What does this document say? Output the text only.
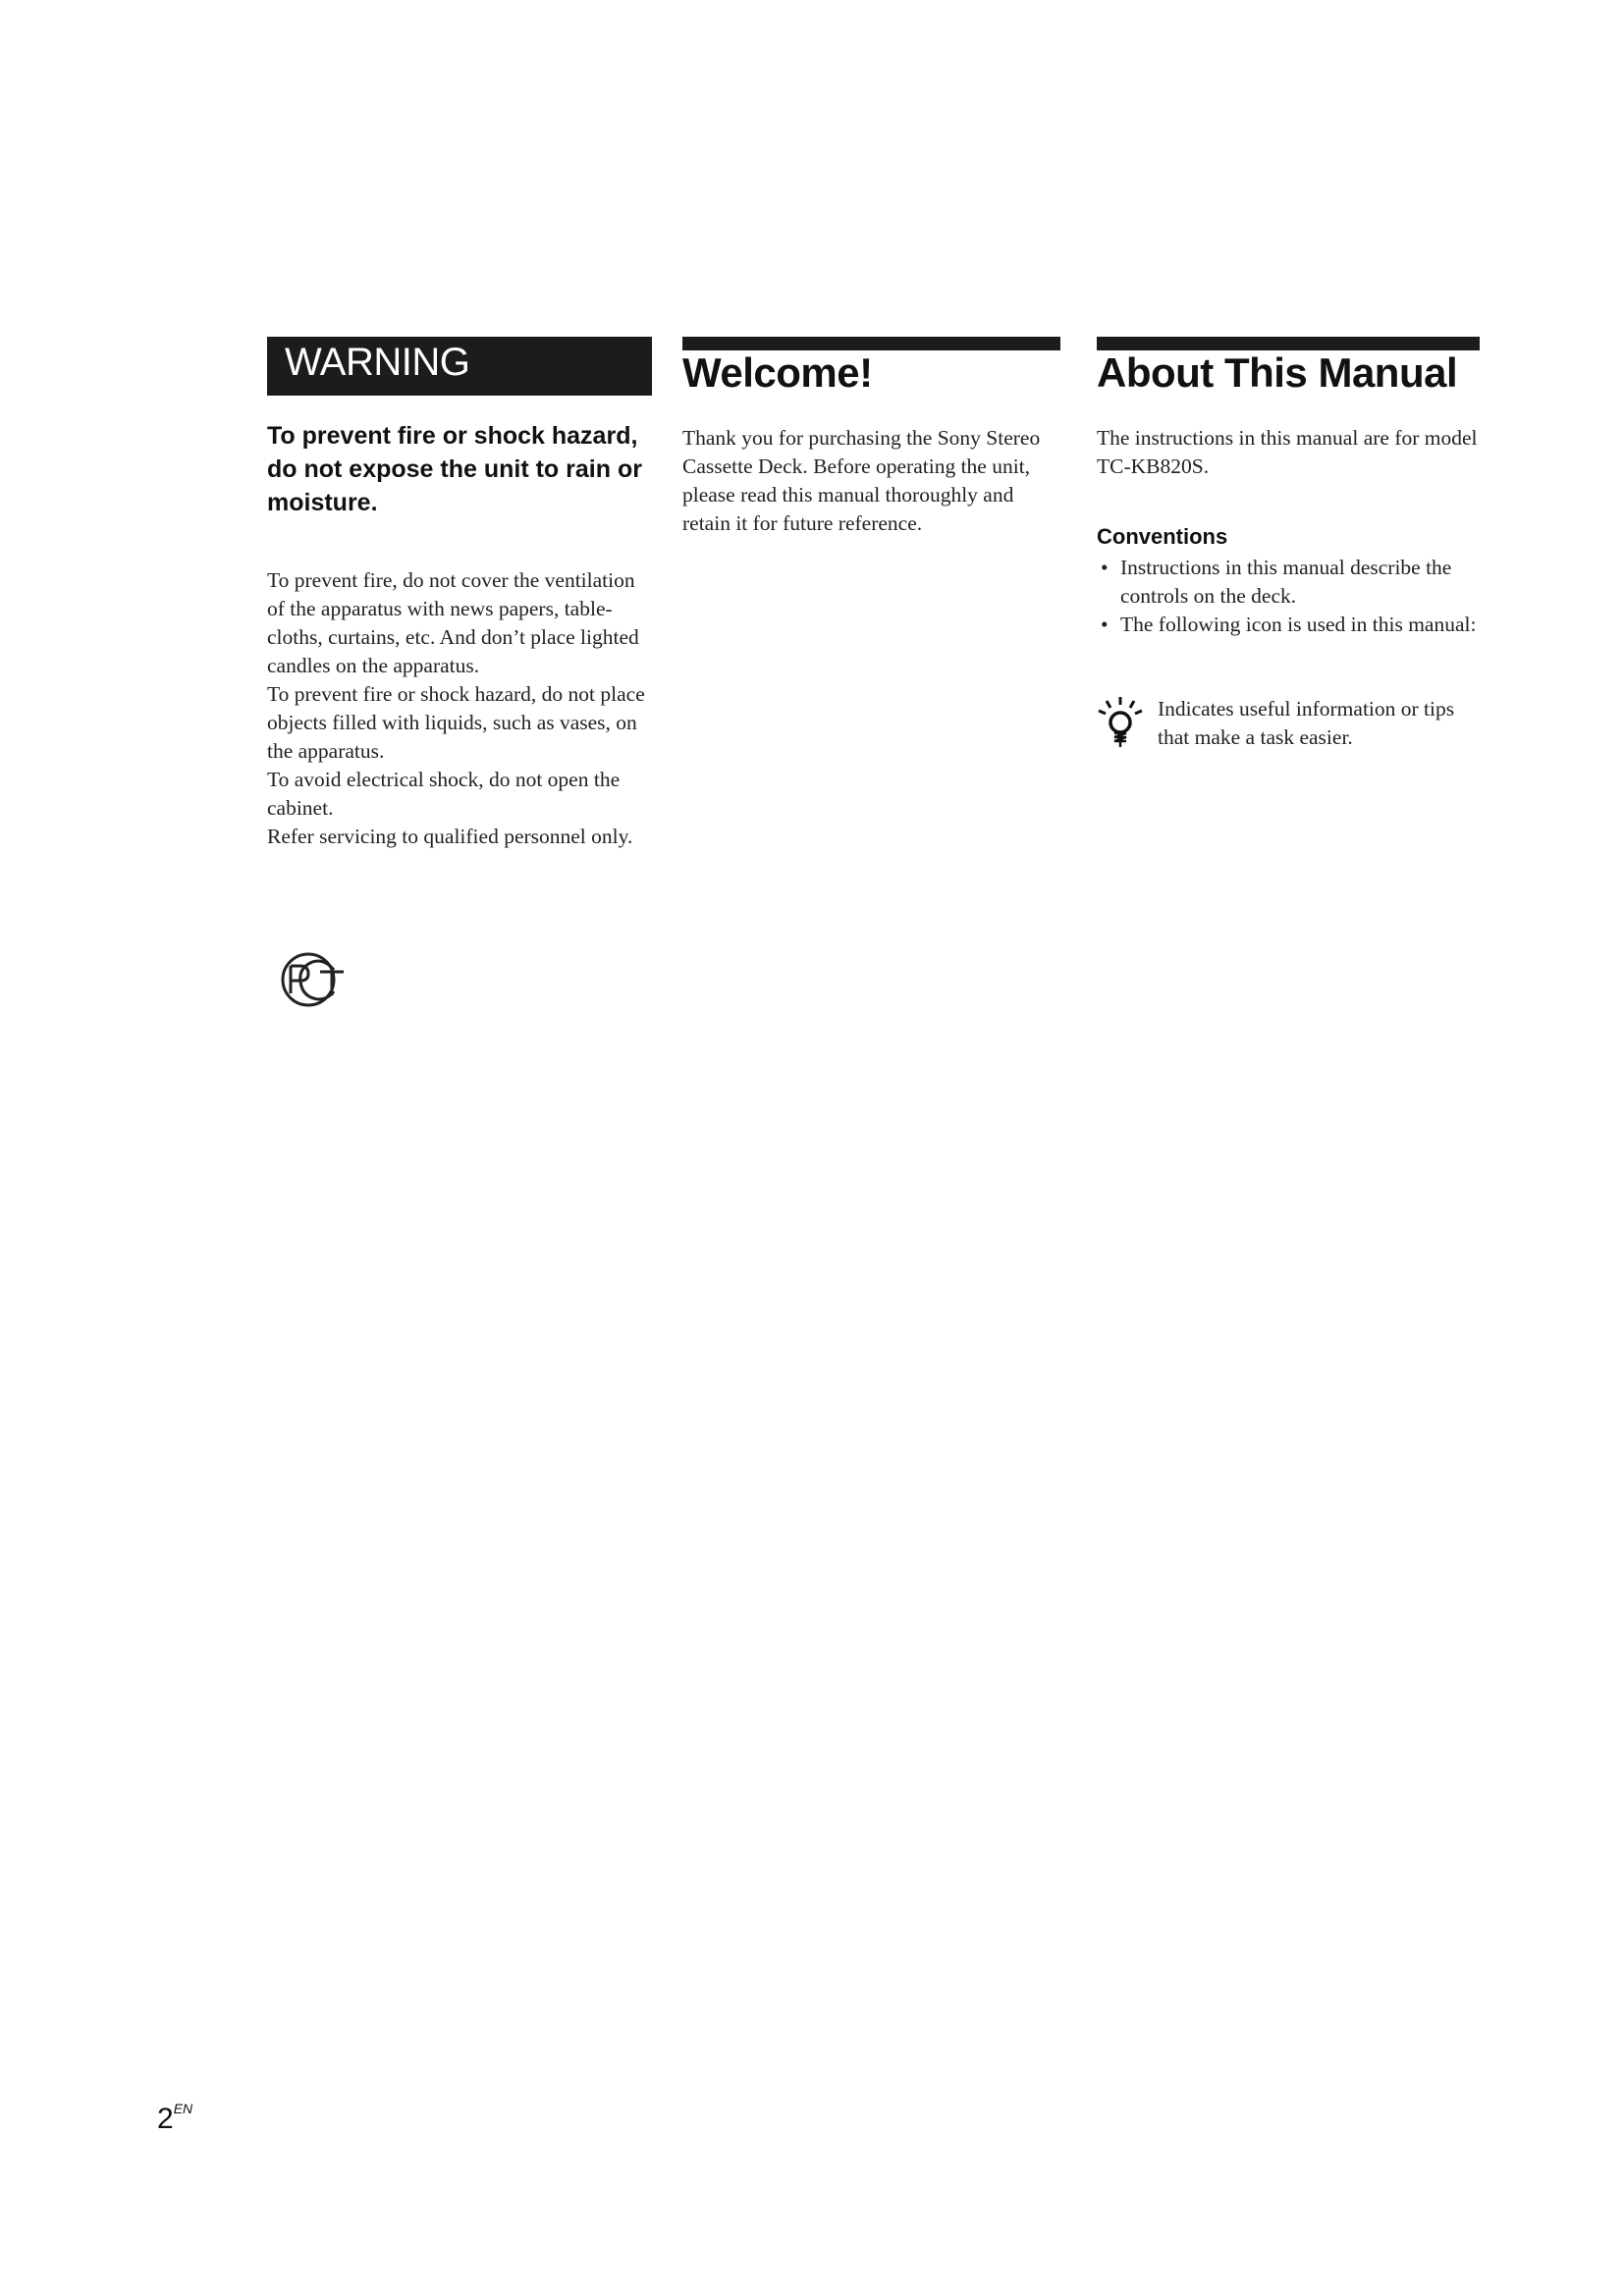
WARNING

To prevent fire or shock hazard, do not expose the unit to rain or moisture.

To prevent fire, do not cover the ventilation of the apparatus with news papers, table-cloths, curtains, etc. And don’t place lighted candles on the apparatus.

To prevent fire or shock hazard, do not place objects filled with liquids, such as vases, on the apparatus.

To avoid electrical shock, do not open the cabinet.

Refer servicing to qualified personnel only.

Welcome!

Thank you for purchasing the Sony Stereo Cassette Deck. Before operating the unit, please read this manual thoroughly and retain it for future reference.

About This Manual

The instructions in this manual are for model TC-KB820S.

Conventions
• Instructions in this manual describe the controls on the deck.
• The following icon is used in this manual:

Indicates useful information or tips that make a task easier.

$2^{EN}$
